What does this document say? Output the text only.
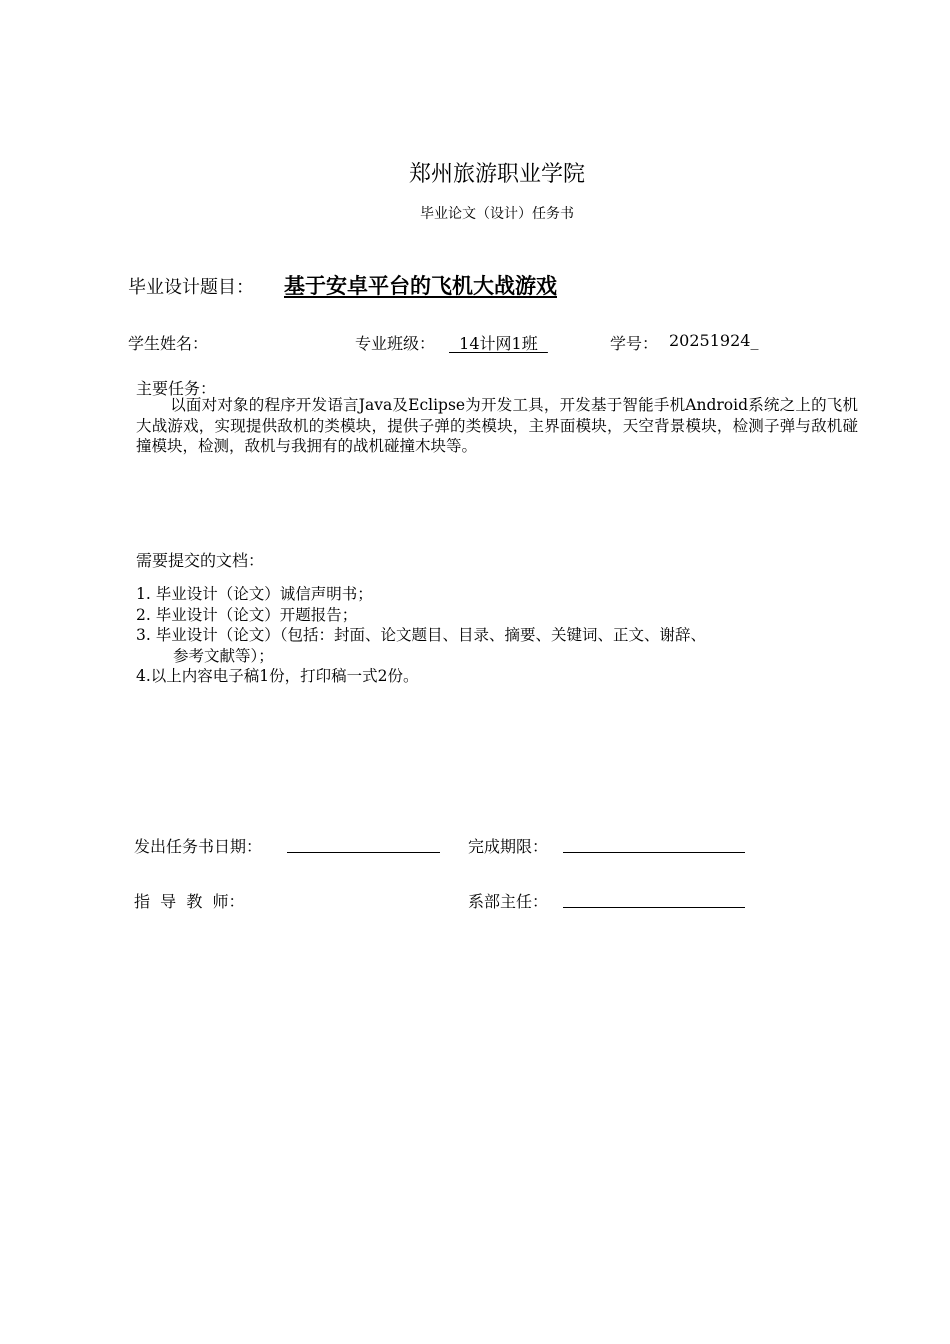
郑州旅游职业学院
毕业论文（设计）任务书
毕业设计题目： 基于安卓平台的飞机大战游戏
学生姓名：	专业班级： 14计网1班	学号： 20251924_
主要任务：
以面对对象的程序开发语言Java及Eclipse为开发工具，开发基于智能手机Android系统之上的飞机大战游戏，实现提供敌机的类模块，提供子弹的类模块，主界面模块，天空背景模块，检测子弹与敌机碰撞模块，检测，敌机与我拥有的战机碰撞木块等。
需要提交的文档：
1. 毕业设计（论文）诚信声明书；
2. 毕业设计（论文）开题报告；
3. 毕业设计（论文）（包括：封面、论文题目、目录、摘要、关键词、正文、谢辞、
参考文献等）；
4.以上内容电子稿1份，打印稿一式2份。
发出任务书日期：	完成期限：
指  导  教  师：	系部主任：
